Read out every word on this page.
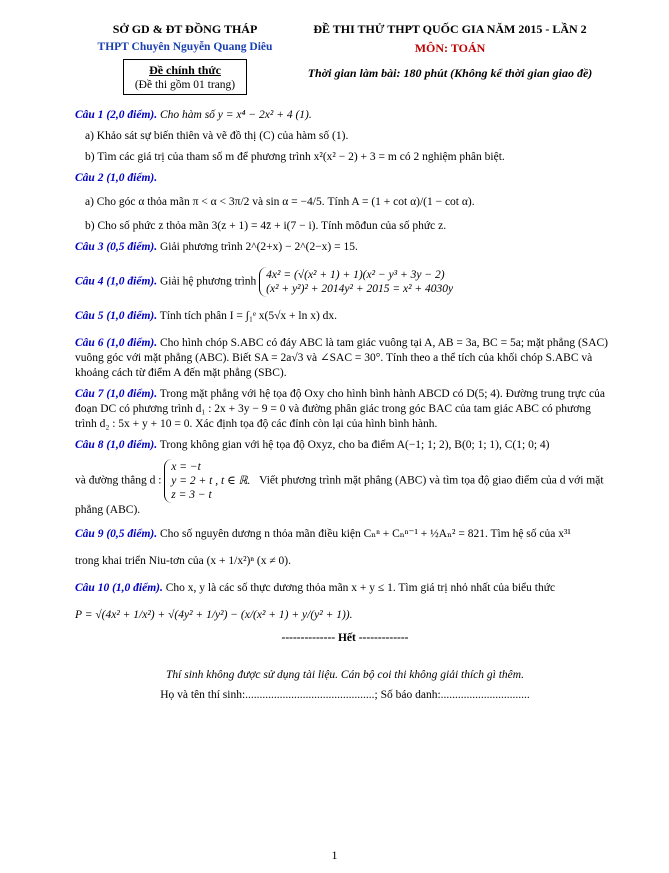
SỞ GD & ĐT ĐỒNG THÁP
THPT Chuyên Nguyễn Quang Diêu
Đề chính thức
(Đề thi gồm 01 trang)
ĐỀ THI THỬ THPT QUỐC GIA NĂM 2015 - LẦN 2
MÔN: TOÁN
Thời gian làm bài: 180 phút (Không kể thời gian giao đề)
Câu 1 (2,0 điểm). Cho hàm số y = x⁴ − 2x² + 4 (1).
a) Khảo sát sự biến thiên và vẽ đồ thị (C) của hàm số (1).
b) Tìm các giá trị của tham số m để phương trình x²(x² − 2) + 3 = m có 2 nghiệm phân biệt.
Câu 2 (1,0 điểm).
a) Cho góc α thỏa mãn π < α < 3π/2 và sin α = −4/5. Tính A = (1 + cot α)/(1 − cot α).
b) Cho số phức z thỏa mãn 3(z + 1) = 4z̄ + i(7 − i). Tính môđun của số phức z.
Câu 3 (0,5 điểm). Giải phương trình 2^(2+x) − 2^(2−x) = 15.
Câu 4 (1,0 điểm). Giải hệ phương trình 4x² = (√(x² + 1) + 1)(x² − y³ + 3y − 2)
(x² + y²)² + 2014y² + 2015 = x² + 4030y
Câu 5 (1,0 điểm). Tính tích phân I = ∫₁ᵉ x(5√x + ln x) dx.
Câu 6 (1,0 điểm). Cho hình chóp S.ABC có đáy ABC là tam giác vuông tại A, AB = 3a, BC = 5a; mặt phẳng (SAC) vuông góc với mặt phẳng (ABC). Biết SA = 2a√3 và ∠SAC = 30°. Tính theo a thể tích của khối chóp S.ABC và khoảng cách từ điểm A đến mặt phẳng (SBC).
Câu 7 (1,0 điểm). Trong mặt phẳng với hệ tọa độ Oxy cho hình bình hành ABCD có D(5; 4). Đường trung trực của đoạn DC có phương trình d₁ : 2x + 3y − 9 = 0 và đường phân giác trong góc BAC của tam giác ABC có phương trình d₂ : 5x + y + 10 = 0. Xác định tọa độ các đỉnh còn lại của hình bình hành.
Câu 8 (1,0 điểm). Trong không gian với hệ tọa độ Oxyz, cho ba điểm A(−1; 1; 2), B(0; 1; 1), C(1; 0; 4)
và đường thẳng d : x = −t
y = 2 + t , t ∈ ℝ.
z = 3 − t Viết phương trình mặt phẳng (ABC) và tìm tọa độ giao điểm của d với mặt phẳng (ABC).
Câu 9 (0,5 điểm). Cho số nguyên dương n thỏa mãn điều kiện Cₙⁿ + Cₙⁿ⁻¹ + ½Aₙ² = 821. Tìm hệ số của x³¹
trong khai triển Niu-tơn của (x + 1/x²)ⁿ (x ≠ 0).
Câu 10 (1,0 điểm). Cho x, y là các số thực dương thỏa mãn x + y ≤ 1. Tìm giá trị nhỏ nhất của biểu thức
P = √(4x² + 1/x²) + √(4y² + 1/y²) − (x/(x² + 1) + y/(y² + 1)).
-------------- Hết -------------
Thí sinh không được sử dụng tài liệu. Cán bộ coi thi không giải thích gì thêm.
Họ và tên thí sinh:.............................................; Số báo danh:...............................
1
